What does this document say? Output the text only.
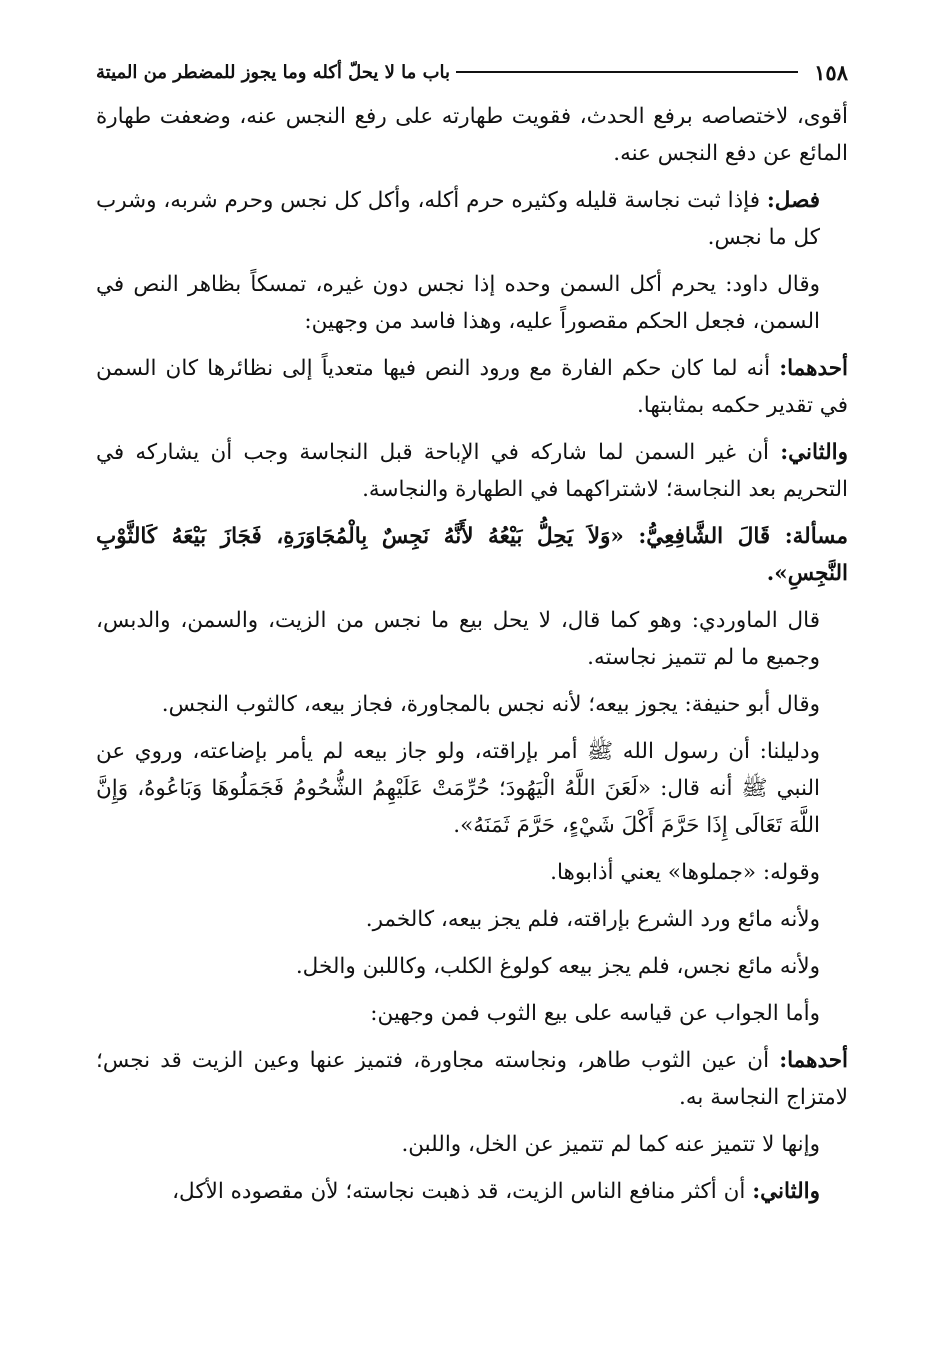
١٥٨
باب ما لا يحلّ أكله وما يجوز للمضطر من الميتة

أقوى، لاختصاصه برفع الحدث، فقويت طهارته على رفع النجس عنه، وضعفت طهارة المائع عن دفع النجس عنه.

فصل: فإذا ثبت نجاسة قليله وكثيره حرم أكله، وأكل كل نجس وحرم شربه، وشرب كل ما نجس.

وقال داود: يحرم أكل السمن وحده إذا نجس دون غيره، تمسكاً بظاهر النص في السمن، فجعل الحكم مقصوراً عليه، وهذا فاسد من وجهين:

أحدهما: أنه لما كان حكم الفارة مع ورود النص فيها متعدياً إلى نظائرها كان السمن في تقدير حكمه بمثابتها.

والثاني: أن غير السمن لما شاركه في الإباحة قبل النجاسة وجب أن يشاركه في التحريم بعد النجاسة؛ لاشتراكهما في الطهارة والنجاسة.

مسألة: قَالَ الشَّافِعِيُّ: «وَلاَ يَحِلُّ بَيْعُهُ لأَنَّهُ نَجِسٌ بِالْمُجَاوَرَةِ، فَجَازَ بَيْعَهُ كَالثَّوْبِ النَّجِسِ».

قال الماوردي: وهو كما قال، لا يحل بيع ما نجس من الزيت، والسمن، والدبس، وجميع ما لم تتميز نجاسته.

وقال أبو حنيفة: يجوز بيعه؛ لأنه نجس بالمجاورة، فجاز بيعه، كالثوب النجس.

ودليلنا: أن رسول الله ﷺ أمر بإراقته، ولو جاز بيعه لم يأمر بإضاعته، وروي عن النبي ﷺ أنه قال: «لَعَنَ اللَّهُ الْيَهُودَ؛ حُرِّمَتْ عَلَيْهِمُ الشُّحُومُ فَجَمَلُوهَا وَبَاعُوهُ، وَإِنَّ اللَّهَ تَعَالَى إِذَا حَرَّمَ أَكْلَ شَيْءٍ، حَرَّمَ ثَمَنَهُ».

وقوله: «جملوها» يعني أذابوها.

ولأنه مائع ورد الشرع بإراقته، فلم يجز بيعه، كالخمر.

ولأنه مائع نجس، فلم يجز بيعه كولوغ الكلب، وكاللبن والخل.

وأما الجواب عن قياسه على بيع الثوب فمن وجهين:

أحدهما: أن عين الثوب طاهر، ونجاسته مجاورة، فتميز عنها وعين الزيت قد نجس؛ لامتزاج النجاسة به.

وإنها لا تتميز عنه كما لم تتميز عن الخل، واللبن.

والثاني: أن أكثر منافع الناس الزيت، قد ذهبت نجاسته؛ لأن مقصوده الأكل،
